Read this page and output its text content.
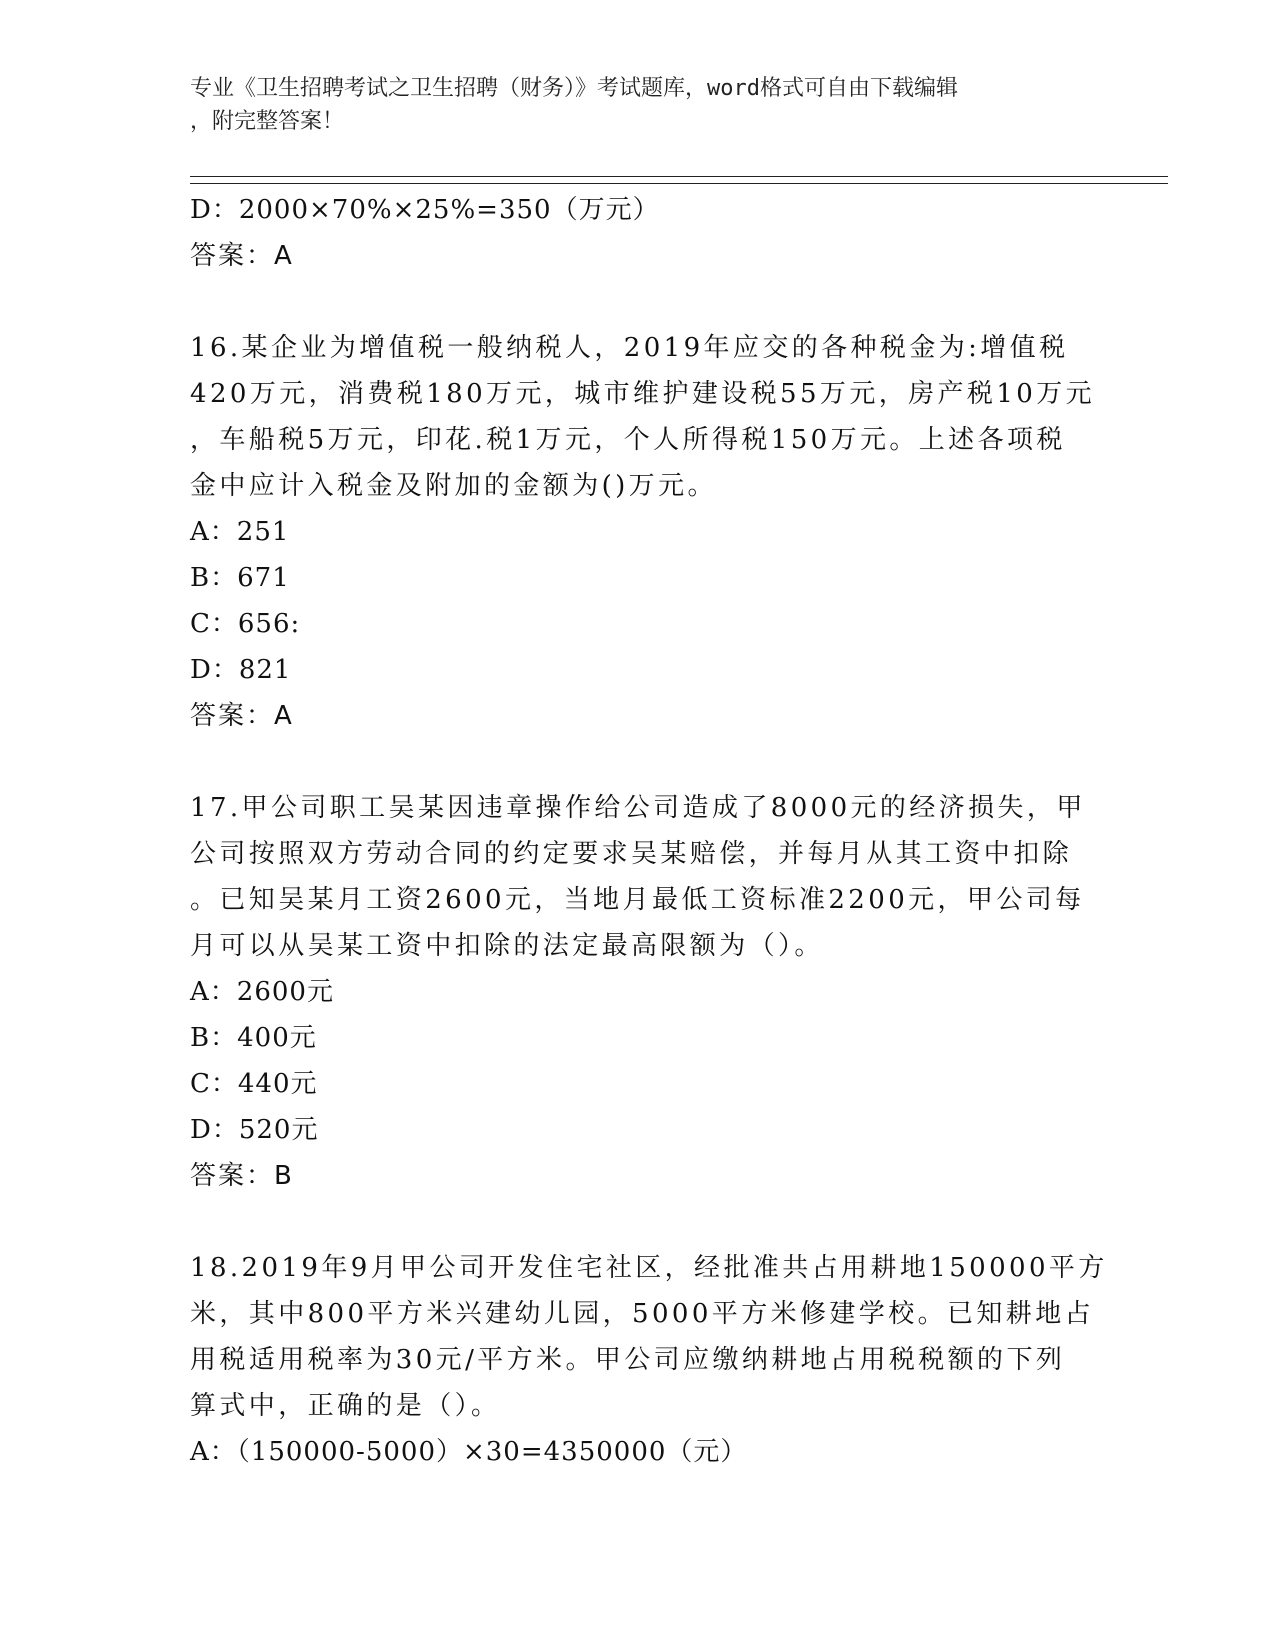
专业《卫生招聘考试之卫生招聘（财务）》考试题库，word格式可自由下载编辑
，附完整答案！
D：2000×70%×25%=350（万元）
答案：A
16.某企业为增值税一般纳税人，2019年应交的各种税金为:增值税
420万元，消费税180万元，城市维护建设税55万元，房产税10万元
，车船税5万元，印花.税1万元，个人所得税150万元。上述各项税
金中应计入税金及附加的金额为()万元。
A：251
B：671
C：656:
D：821
答案：A
17.甲公司职工吴某因违章操作给公司造成了8000元的经济损失，甲
公司按照双方劳动合同的约定要求吴某赔偿，并每月从其工资中扣除
。已知吴某月工资2600元，当地月最低工资标准2200元，甲公司每
月可以从吴某工资中扣除的法定最高限额为（）。
A：2600元
B：400元
C：440元
D：520元
答案：B
18.2019年9月甲公司开发住宅社区，经批准共占用耕地150000平方
米，其中800平方米兴建幼儿园，5000平方米修建学校。已知耕地占
用税适用税率为30元/平方米。甲公司应缴纳耕地占用税税额的下列
算式中，正确的是（）。
A：（150000-5000）×30=4350000（元）
